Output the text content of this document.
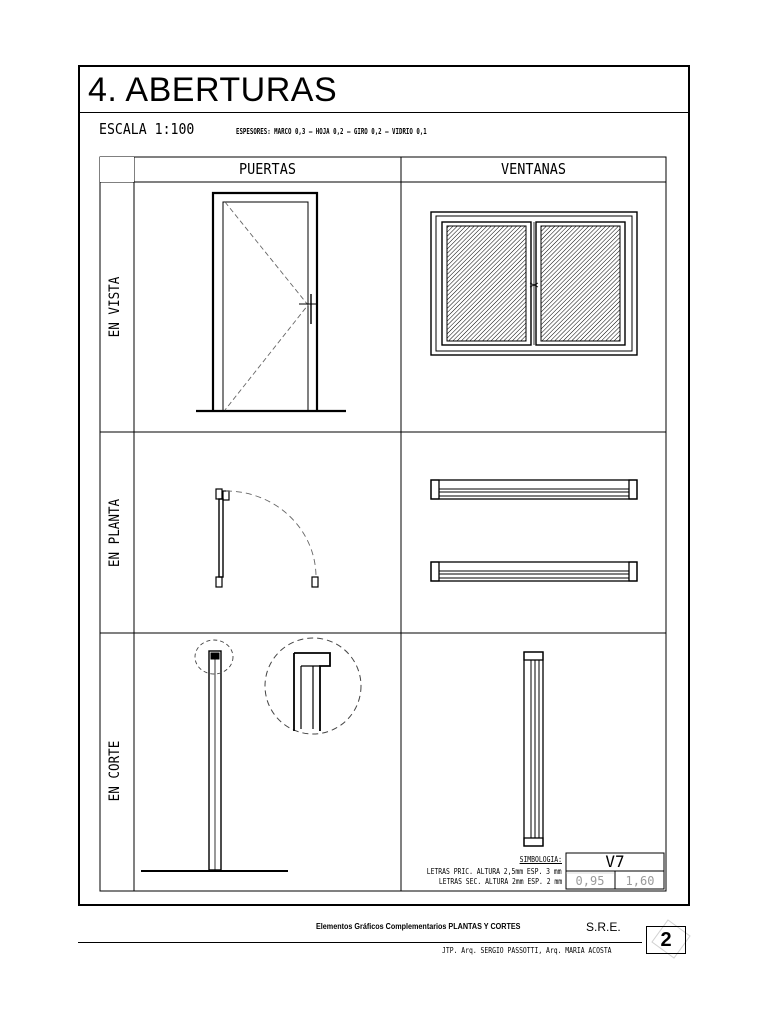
4. ABERTURAS
ESCALA 1:100	ESPESORES: MARCO 0,3 – HOJA 0,2 – GIRO 0,2 – VIDRIO 0,1
PUERTAS	VENTANAS
EN VISTA
EN PLANTA
EN CORTE
SIMBOLOGIA:
LETRAS PRIC. ALTURA 2,5mm ESP. 3 mm
LETRAS SEC. ALTURA 2mm ESP. 2 mm
V7
0,95	1,60
Elementos Gráficos Complementarios PLANTAS Y CORTES	S.R.E.
JTP. Arq. SERGIO PASSOTTI, Arq. MARIA ACOSTA	2
